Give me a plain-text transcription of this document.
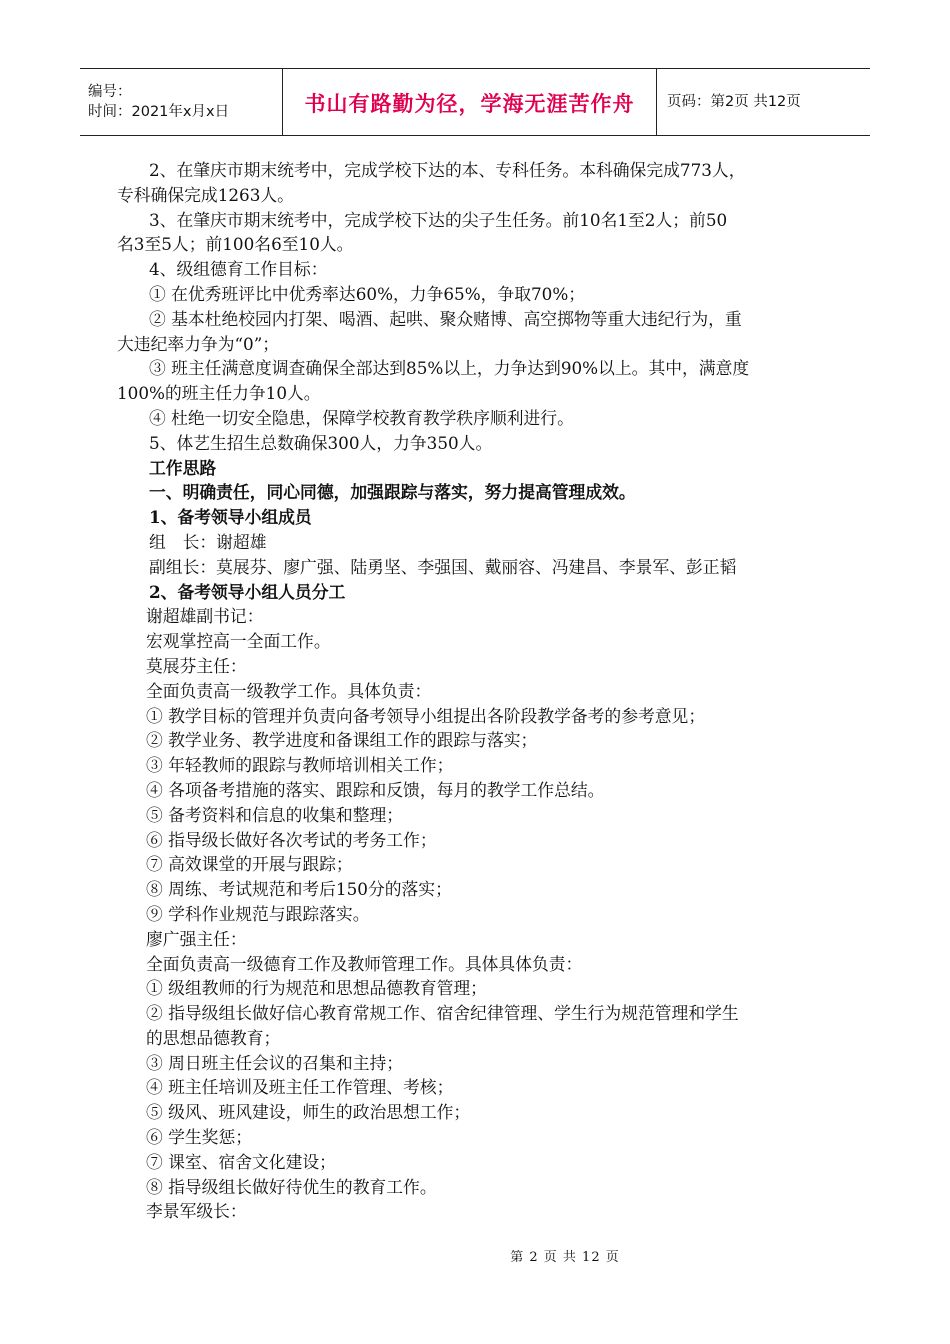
编号：
时间：2021年x月x日	书山有路勤为径，学海无涯苦作舟 页码：第2页 共12页
2、在肇庆市期末统考中，完成学校下达的本、专科任务。本科确保完成773人，
专科确保完成1263人。
3、在肇庆市期末统考中，完成学校下达的尖子生任务。前10名1至2人；前50
名3至5人；前100名6至10人。
4、级组德育工作目标：
① 在优秀班评比中优秀率达60%，力争65%，争取70%；
② 基本杜绝校园内打架、喝酒、起哄、聚众赌博、高空掷物等重大违纪行为，重
大违纪率力争为“0”；
③ 班主任满意度调查确保全部达到85%以上，力争达到90%以上。其中，满意度
100%的班主任力争10人。
④ 杜绝一切安全隐患，保障学校教育教学秩序顺利进行。
5、体艺生招生总数确保300人，力争350人。
工作思路
一、明确责任，同心同德，加强跟踪与落实，努力提高管理成效。
1、备考领导小组成员
组　长：谢超雄
副组长：莫展芬、廖广强、陆勇坚、李强国、戴丽容、冯建昌、李景军、彭正韬
2、备考领导小组人员分工
谢超雄副书记：
宏观掌控高一全面工作。
莫展芬主任：
全面负责高一级教学工作。具体负责：
① 教学目标的管理并负责向备考领导小组提出各阶段教学备考的参考意见；
② 教学业务、教学进度和备课组工作的跟踪与落实；
③ 年轻教师的跟踪与教师培训相关工作；
④ 各项备考措施的落实、跟踪和反馈，每月的教学工作总结。
⑤ 备考资料和信息的收集和整理；
⑥ 指导级长做好各次考试的考务工作；
⑦ 高效课堂的开展与跟踪；
⑧ 周练、考试规范和考后150分的落实；
⑨ 学科作业规范与跟踪落实。
廖广强主任：
全面负责高一级德育工作及教师管理工作。具体具体负责：
① 级组教师的行为规范和思想品德教育管理；
② 指导级组长做好信心教育常规工作、宿舍纪律管理、学生行为规范管理和学生
的思想品德教育；
③ 周日班主任会议的召集和主持；
④ 班主任培训及班主任工作管理、考核；
⑤ 级风、班风建设，师生的政治思想工作；
⑥ 学生奖惩；
⑦ 课室、宿舍文化建设；
⑧ 指导级组长做好待优生的教育工作。
李景军级长：
第 2 页 共 12 页
